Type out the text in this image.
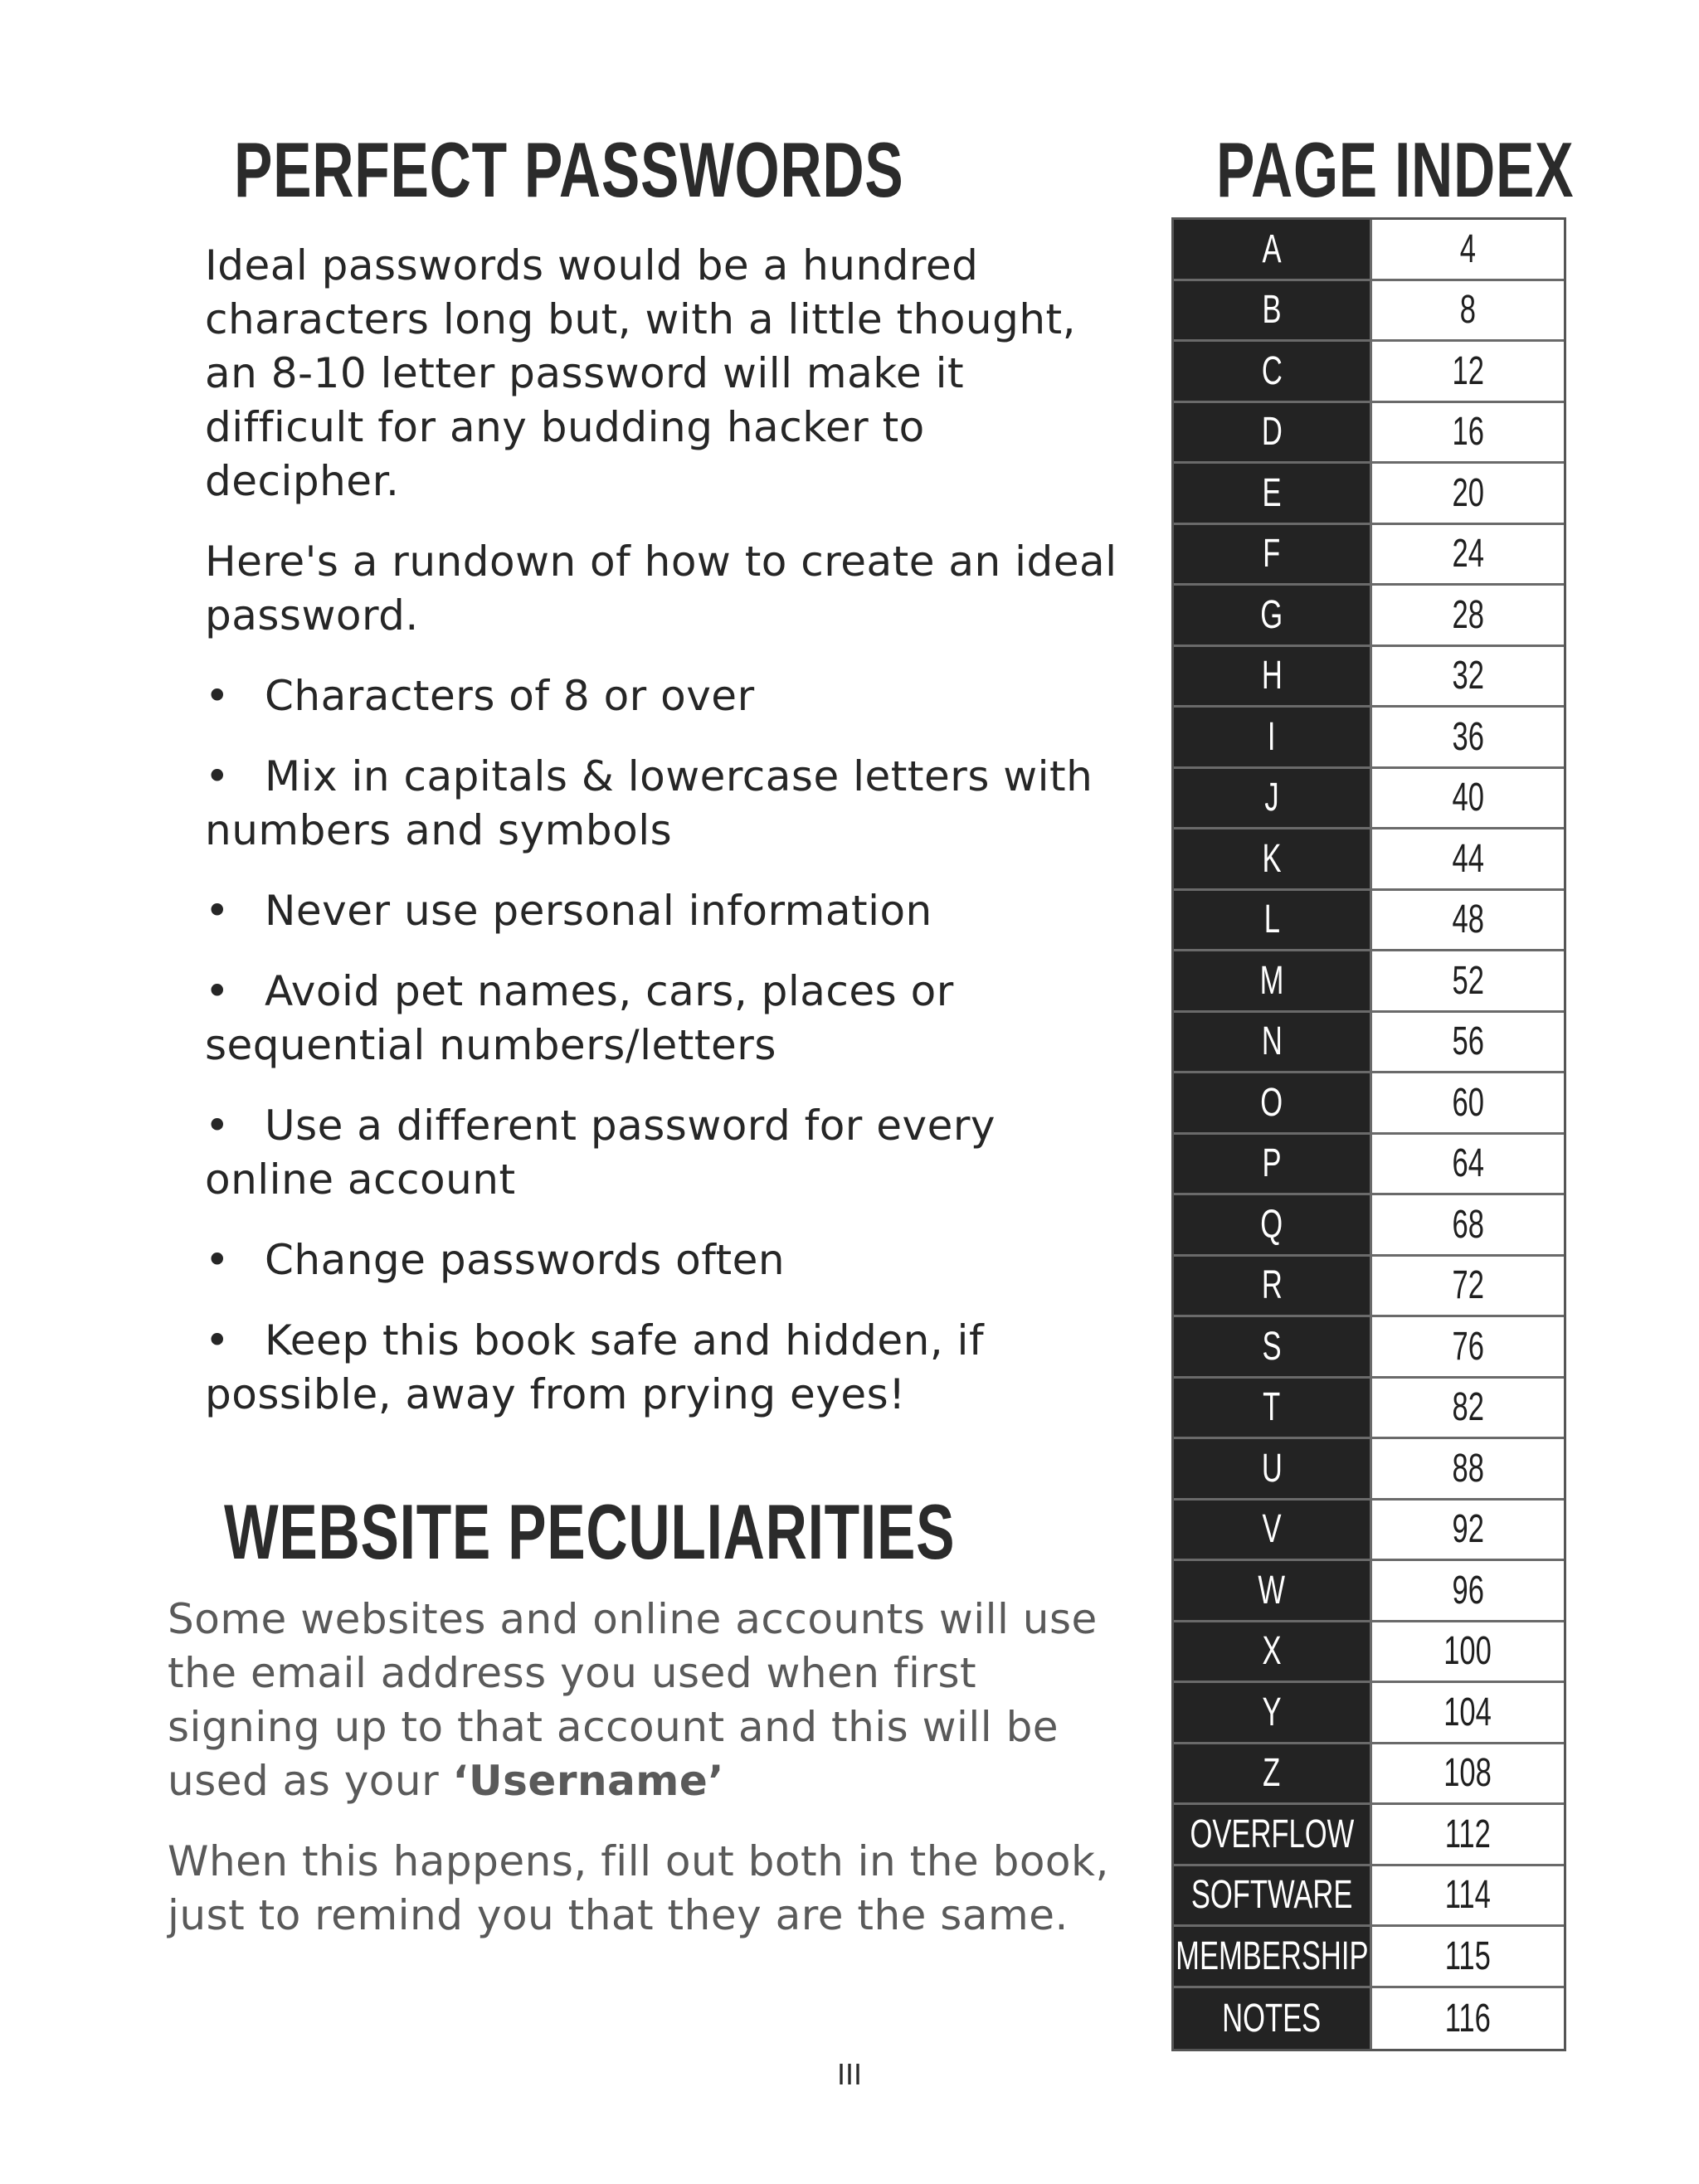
PERFECT PASSWORDS

Ideal passwords would be a hundred characters long but, with a little thought, an 8-10 letter password will make it difficult for any budding hacker to decipher.

Here's a rundown of how to create an ideal password.

• Characters of 8 or over
• Mix in capitals & lowercase letters with numbers and symbols
• Never use personal information
• Avoid pet names, cars, places or sequential numbers/letters
• Use a different password for every online account
• Change passwords often
• Keep this book safe and hidden, if possible, away from prying eyes!
WEBSITE PECULIARITIES

Some websites and online accounts will use the email address you used when first signing up to that account and this will be used as your ‘Username’

When this happens, fill out both in the book, just to remind you that they are the same.

PAGE INDEX
A	4
B	8
C	12
D	16
E	20
F	24
G	28
H	32
I	36
J	40
K	44
L	48
M	52
N	56
O	60
P	64
Q	68
R	72
S	76
T	82
U	88
V	92
W	96
X	100
Y	104
Z	108
OVERFLOW 112
SOFTWARE 114
MEMBERSHIP 115
NOTES	116
III
